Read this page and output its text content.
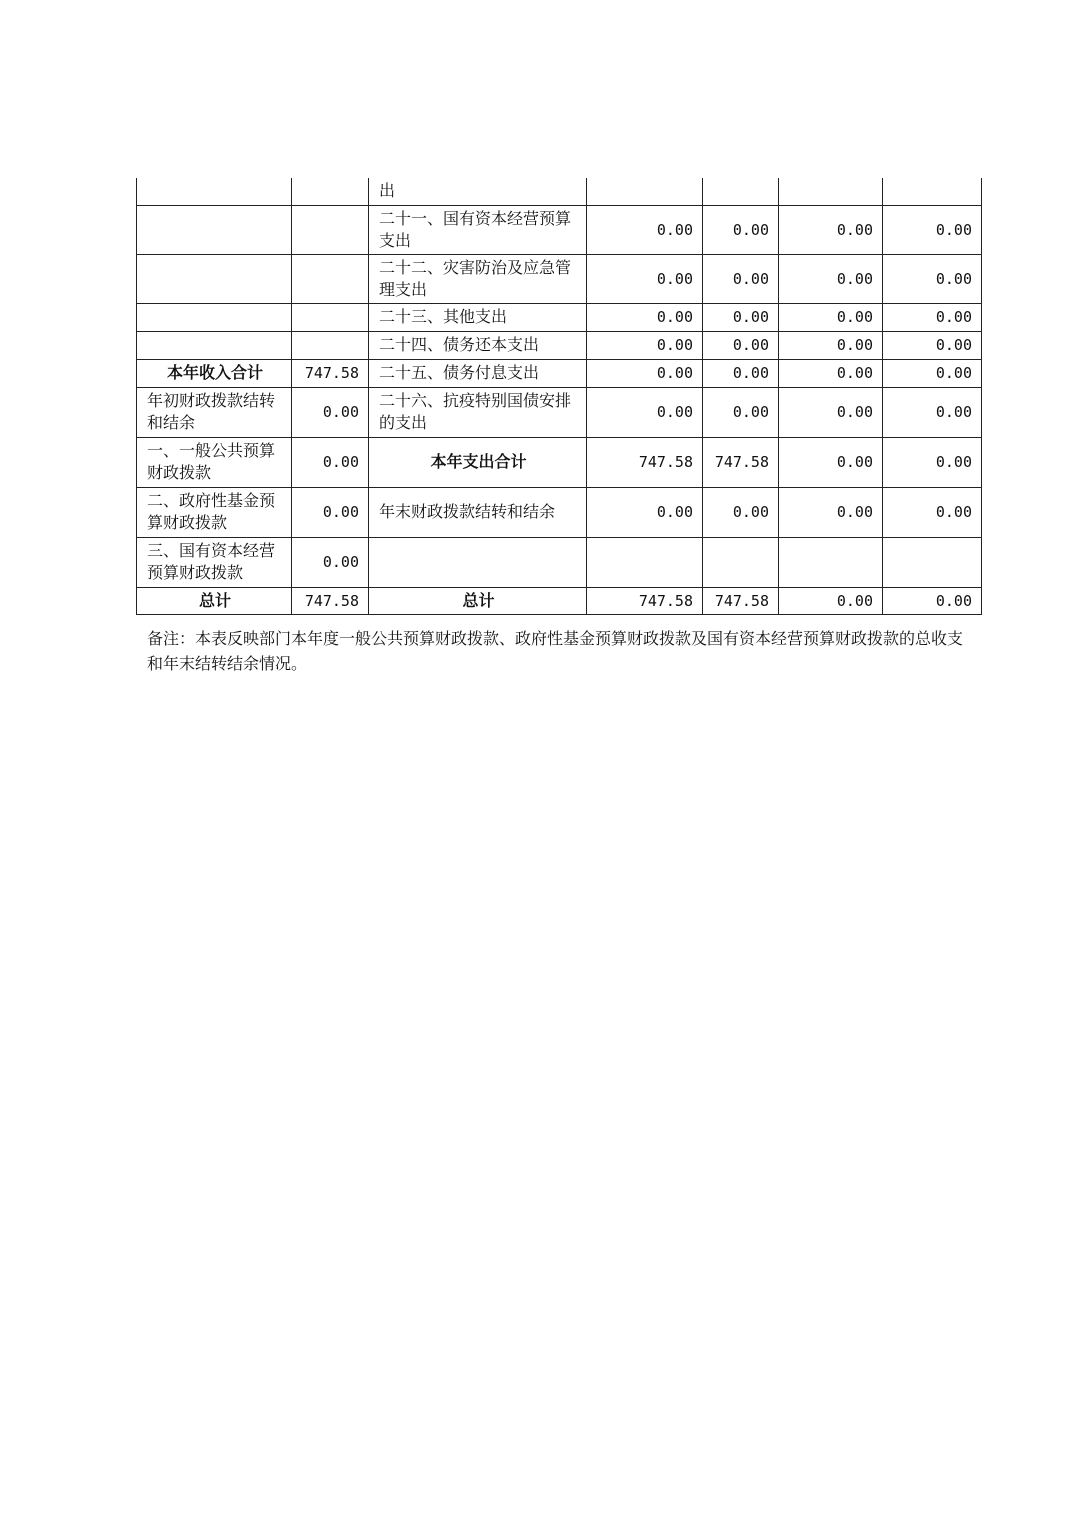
		出				
		二十一、国有资本经营预算支出	0.00	0.00	0.00	0.00
		二十二、灾害防治及应急管理支出	0.00	0.00	0.00	0.00
		二十三、其他支出	0.00	0.00	0.00	0.00
		二十四、债务还本支出	0.00	0.00	0.00	0.00
本年收入合计	747.58	二十五、债务付息支出	0.00	0.00	0.00	0.00
年初财政拨款结转和结余	0.00	二十六、抗疫特别国债安排的支出	0.00	0.00	0.00	0.00
一、一般公共预算财政拨款	0.00	本年支出合计	747.58	747.58	0.00	0.00
二、政府性基金预算财政拨款	0.00	年末财政拨款结转和结余	0.00	0.00	0.00	0.00
三、国有资本经营预算财政拨款	0.00					
总计	747.58	总计	747.58	747.58	0.00	0.00
备注：本表反映部门本年度一般公共预算财政拨款、政府性基金预算财政拨款及国有资本经营预算财政拨款的总收支和年末结转结余情况。
